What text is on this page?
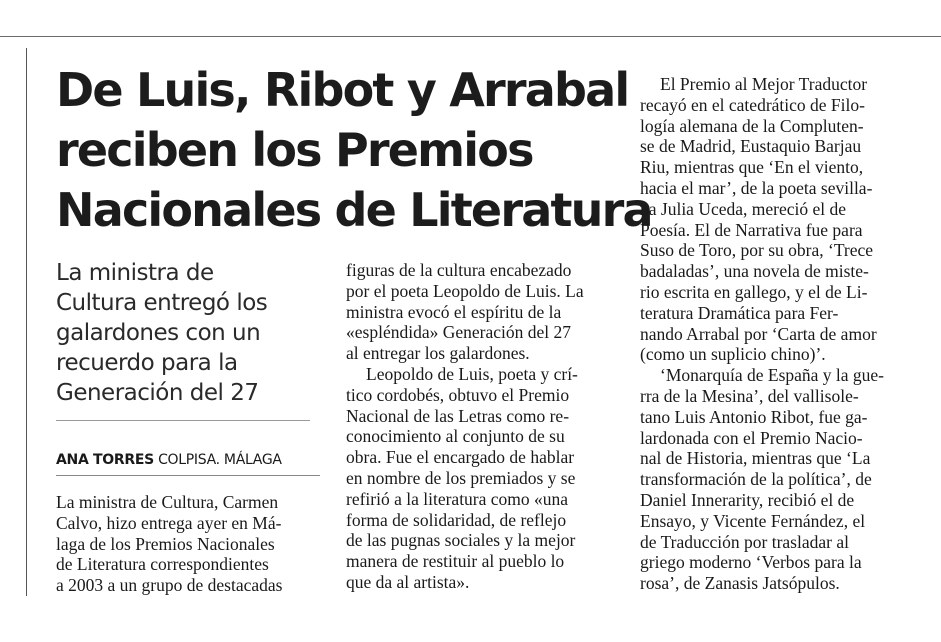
De Luis, Ribot y Arrabal
reciben los Premios
Nacionales de Literatura
La ministra de
Cultura entregó los
galardones con un
recuerdo para la
Generación del 27
ANA TORRES COLPISA. MÁLAGA
La ministra de Cultura, Carmen
Calvo, hizo entrega ayer en Má-
laga de los Premios Nacionales
de Literatura correspondientes
a 2003 a un grupo de destacadas
figuras de la cultura encabezado
por el poeta Leopoldo de Luis. La
ministra evocó el espíritu de la
«espléndida» Generación del 27
al entregar los galardones.
Leopoldo de Luis, poeta y crí-
tico cordobés, obtuvo el Premio
Nacional de las Letras como re-
conocimiento al conjunto de su
obra. Fue el encargado de hablar
en nombre de los premiados y se
refirió a la literatura como «una
forma de solidaridad, de reflejo
de las pugnas sociales y la mejor
manera de restituir al pueblo lo
que da al artista».
El Premio al Mejor Traductor
recayó en el catedrático de Filo-
logía alemana de la Compluten-
se de Madrid, Eustaquio Barjau
Riu, mientras que ‘En el viento,
hacia el mar’, de la poeta sevilla-
na Julia Uceda, mereció el de
Poesía. El de Narrativa fue para
Suso de Toro, por su obra, ‘Trece
badaladas’, una novela de miste-
rio escrita en gallego, y el de Li-
teratura Dramática para Fer-
nando Arrabal por ‘Carta de amor
(como un suplicio chino)’.
‘Monarquía de España y la gue-
rra de la Mesina’, del vallisole-
tano Luis Antonio Ribot, fue ga-
lardonada con el Premio Nacio-
nal de Historia, mientras que ‘La
transformación de la política’, de
Daniel Innerarity, recibió el de
Ensayo, y Vicente Fernández, el
de Traducción por trasladar al
griego moderno ‘Verbos para la
rosa’, de Zanasis Jatsópulos.
